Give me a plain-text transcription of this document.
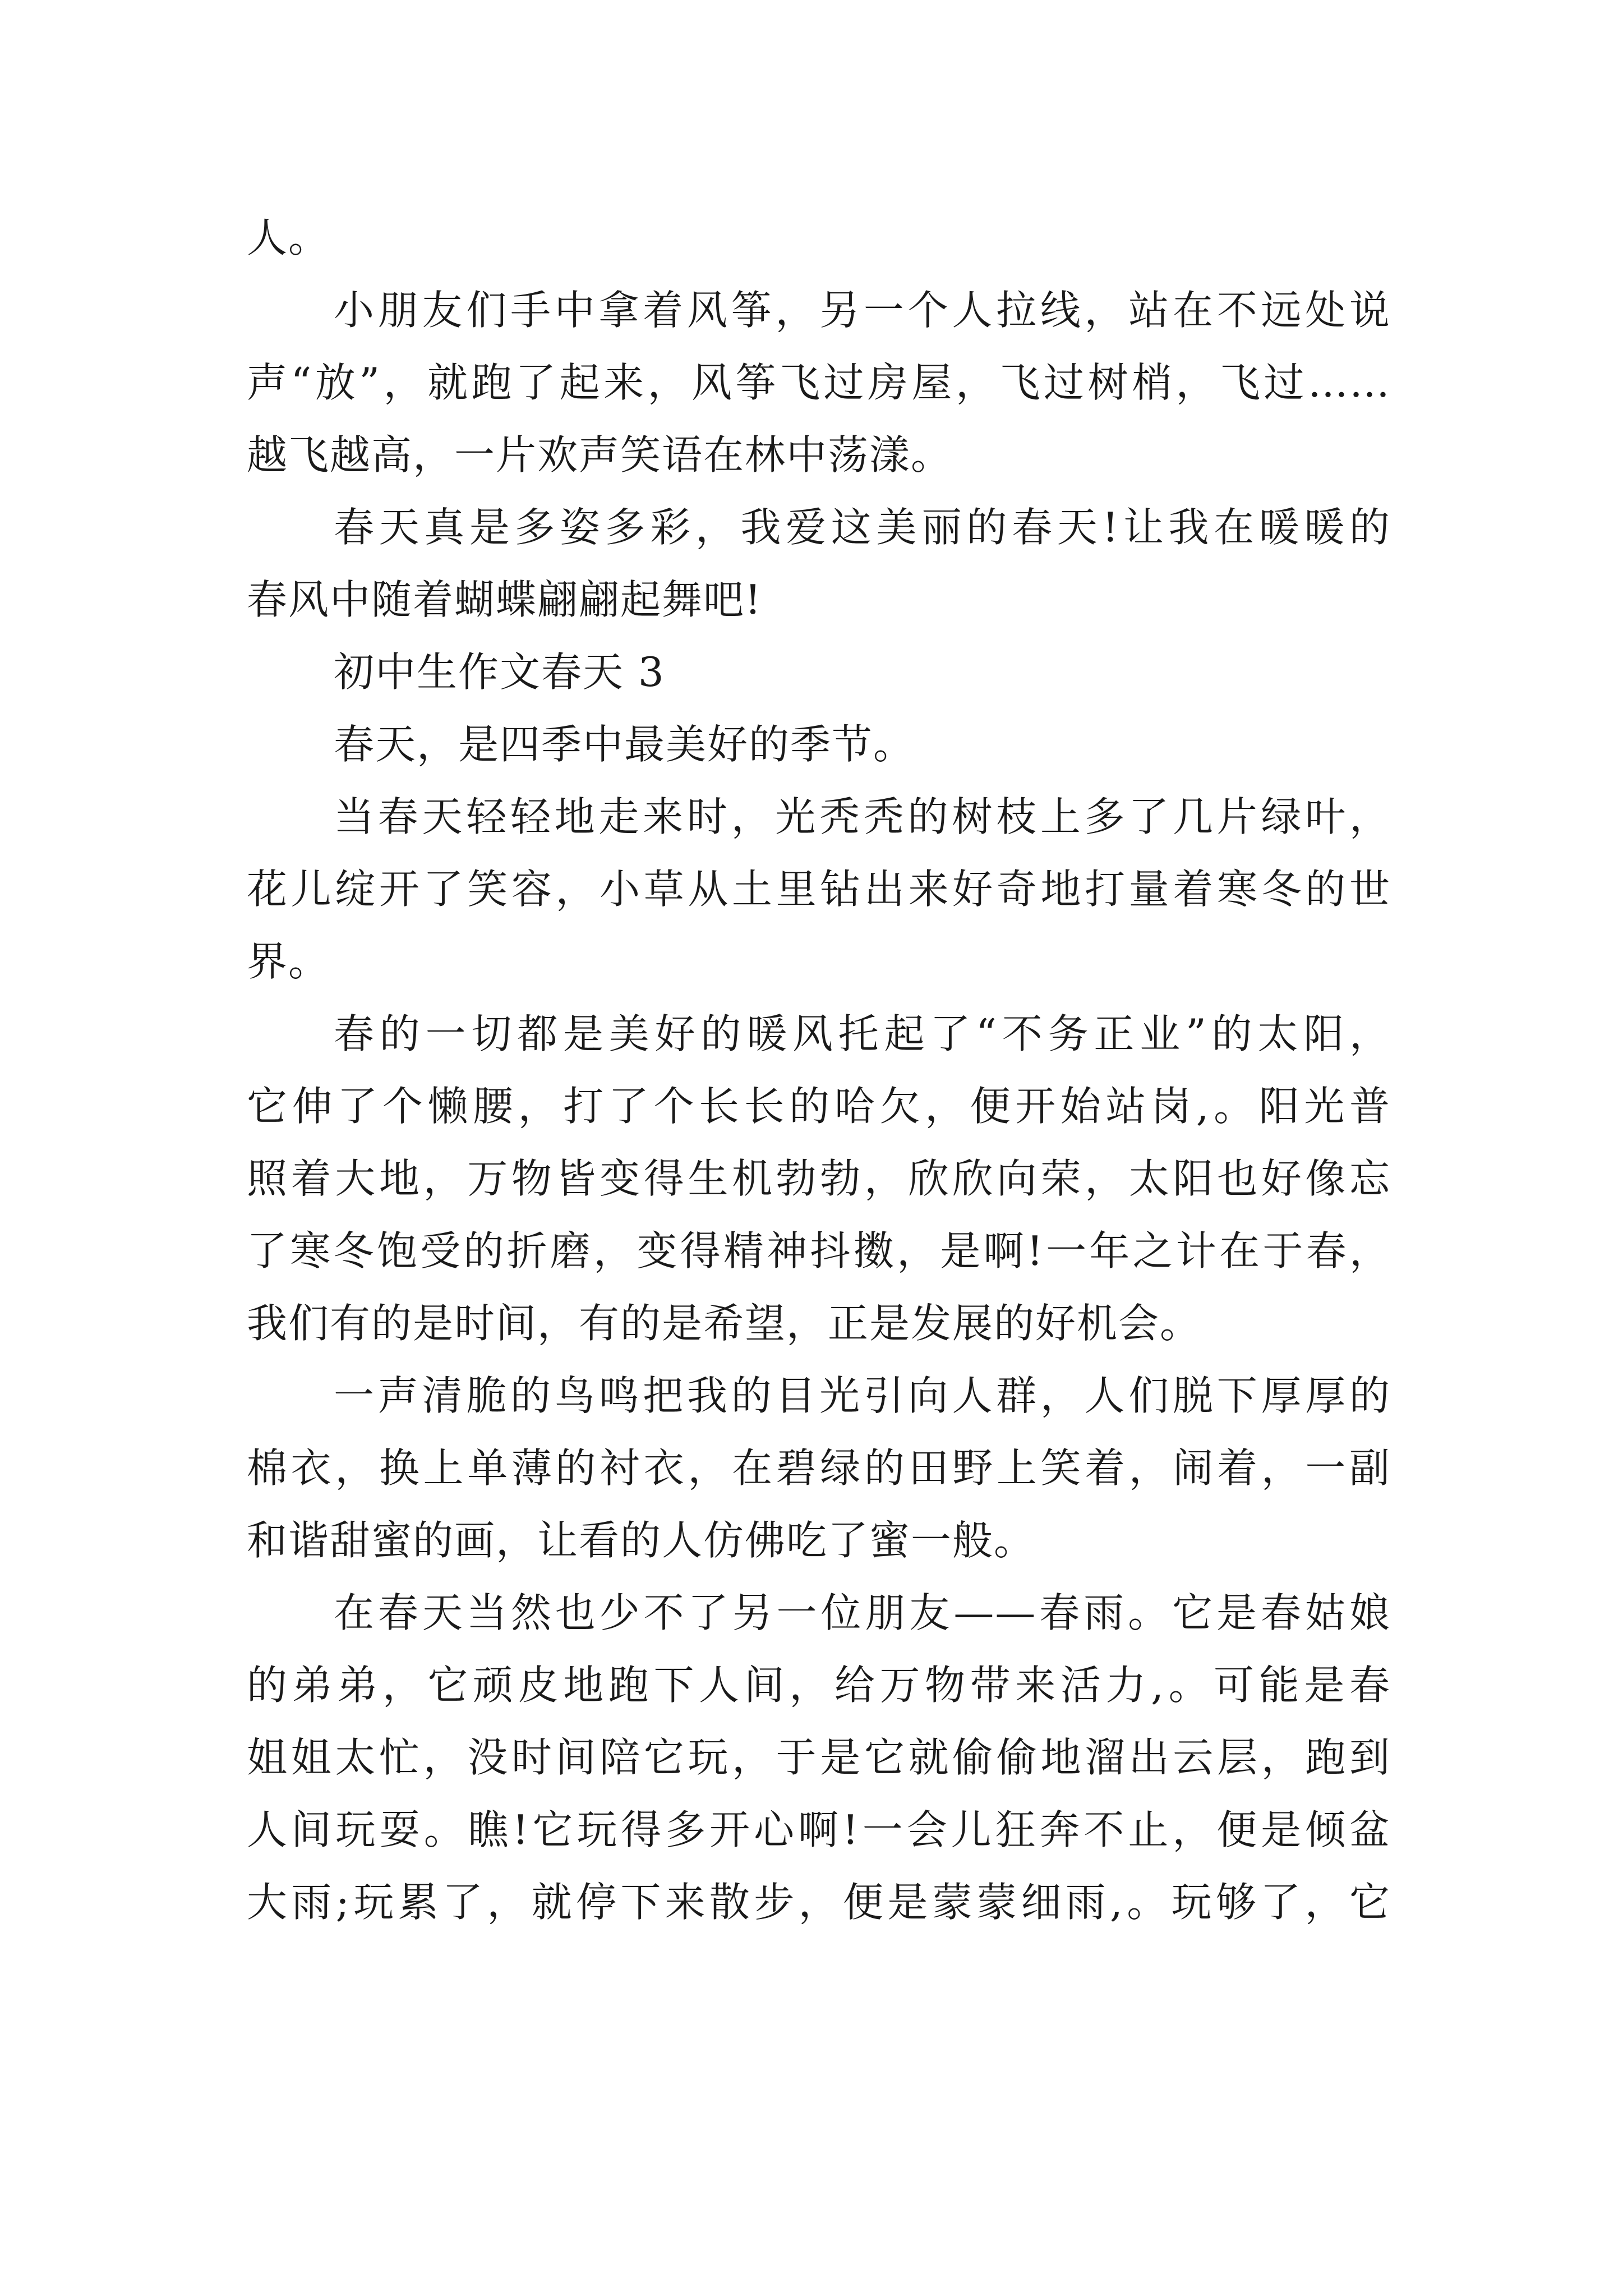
人。
小朋友们手中拿着风筝，另一个人拉线，站在不远处说
声“放”，就跑了起来，风筝飞过房屋，飞过树梢，飞过……
越飞越高，一片欢声笑语在林中荡漾。
春天真是多姿多彩，我爱这美丽的春天!让我在暖暖的
春风中随着蝴蝶翩翩起舞吧!
初中生作文春天 3
春天，是四季中最美好的季节。
当春天轻轻地走来时，光秃秃的树枝上多了几片绿叶，
花儿绽开了笑容，小草从土里钻出来好奇地打量着寒冬的世
界。
春的一切都是美好的暖风托起了“不务正业”的太阳，
它伸了个懒腰，打了个长长的哈欠，便开始站岗,。阳光普
照着大地，万物皆变得生机勃勃，欣欣向荣，太阳也好像忘
了寒冬饱受的折磨，变得精神抖擞，是啊!一年之计在于春，
我们有的是时间，有的是希望，正是发展的好机会。
一声清脆的鸟鸣把我的目光引向人群，人们脱下厚厚的
棉衣，换上单薄的衬衣，在碧绿的田野上笑着，闹着，一副
和谐甜蜜的画，让看的人仿佛吃了蜜一般。
在春天当然也少不了另一位朋友——春雨。它是春姑娘
的弟弟，它顽皮地跑下人间，给万物带来活力,。可能是春
姐姐太忙，没时间陪它玩，于是它就偷偷地溜出云层，跑到
人间玩耍。瞧!它玩得多开心啊!一会儿狂奔不止，便是倾盆
大雨;玩累了，就停下来散步，便是蒙蒙细雨,。玩够了，它
